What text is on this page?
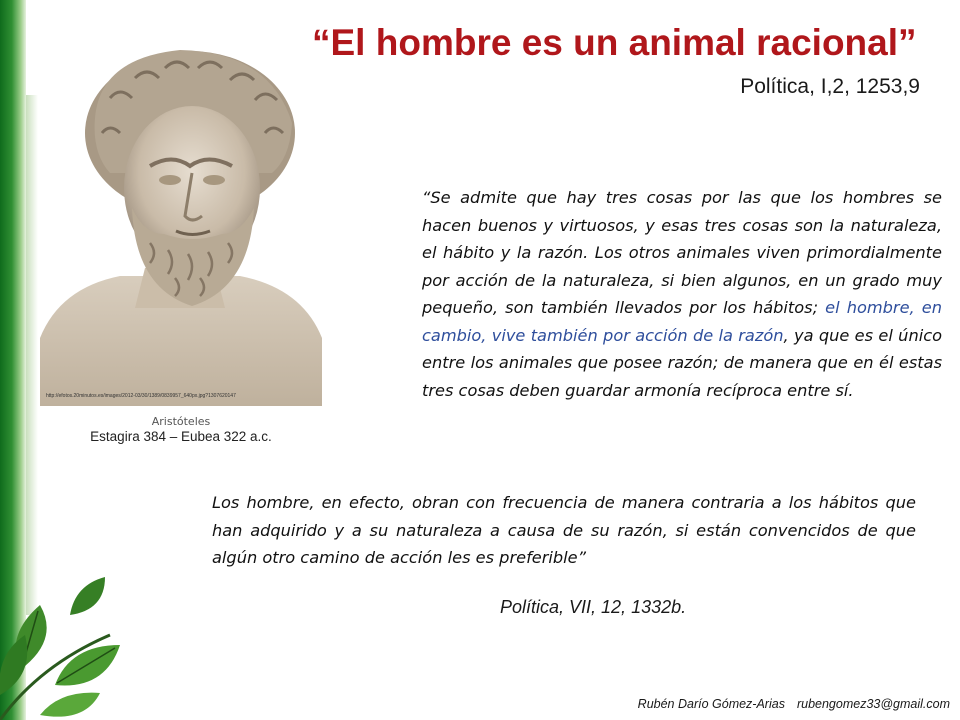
“El hombre es un animal racional”
Política, I,2, 1253,9
http://efotos.20minutos.es/images/2012-03/30/1389/0839957_640px.jpg?1307620147
Aristóteles
Estagira 384 – Eubea 322 a.c.
“Se admite que hay tres cosas por las que los hombres se hacen buenos y virtuosos, y esas tres cosas son la naturaleza, el hábito y la razón. Los otros animales viven primordialmente por acción de la naturaleza, si bien algunos, en un grado muy pequeño, son también llevados por los hábitos; el hombre, en cambio, vive también por acción de la razón, ya que es el único entre los animales que posee razón; de manera que en él estas tres cosas deben guardar armonía recíproca entre sí.
Los hombre, en efecto, obran con frecuencia de manera contraria a los hábitos que han adquirido y a su naturaleza a causa de su razón, si están convencidos de que algún otro camino de acción les es preferible”
Política, VII, 12, 1332b.
Rubén Darío Gómez-Arias rubengomez33@gmail.com
